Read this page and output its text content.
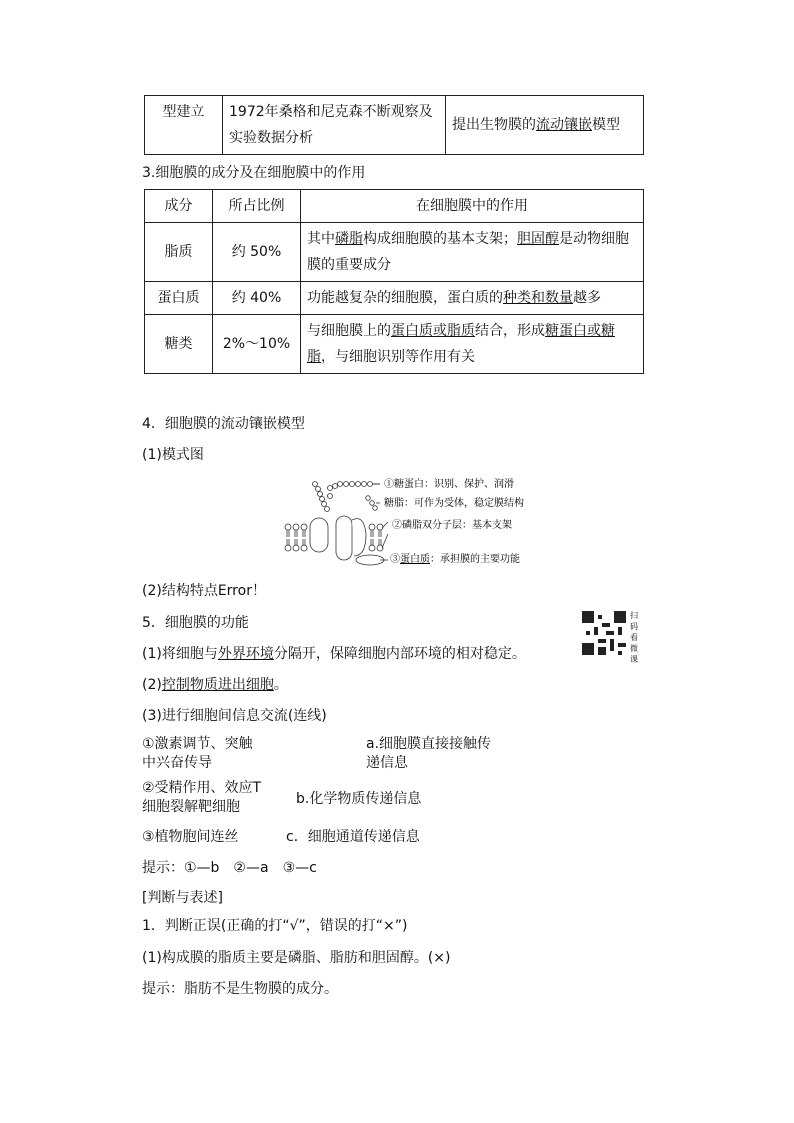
型建立	1972年桑格和尼克森不断观察及实验数据分析	提出生物膜的流动镶嵌模型
3.细胞膜的成分及在细胞膜中的作用
成分	所占比例	在细胞膜中的作用
脂质	约 50%	其中磷脂构成细胞膜的基本支架；胆固醇是动物细胞膜的重要成分
蛋白质	约 40%	功能越复杂的细胞膜，蛋白质的种类和数量越多
糖类	2%～10%	与细胞膜上的蛋白质或脂质结合，形成糖蛋白或糖脂，与细胞识别等作用有关
4．细胞膜的流动镶嵌模型
(1)模式图
①糖蛋白：识别、保护、润滑
糖脂：可作为受体，稳定膜结构
②磷脂双分子层：基本支架
③蛋白质：承担膜的主要功能
(2)结构特点Error！
5．细胞膜的功能	扫码看微课
(1)将细胞与外界环境分隔开，保障细胞内部环境的相对稳定。
(2)控制物质进出细胞。
(3)进行细胞间信息交流(连线)
①激素调节、突触
中兴奋传导
a.细胞膜直接接触传
递信息
②受精作用、效应T
细胞裂解靶细胞	b.化学物质传递信息
③植物胞间连丝	c．细胞通道传递信息
提示：①—b　②—a　③—c
[判断与表述]
1．判断正误(正确的打“√”，错误的打“×”)
(1)构成膜的脂质主要是磷脂、脂肪和胆固醇。(×)
提示：脂肪不是生物膜的成分。
